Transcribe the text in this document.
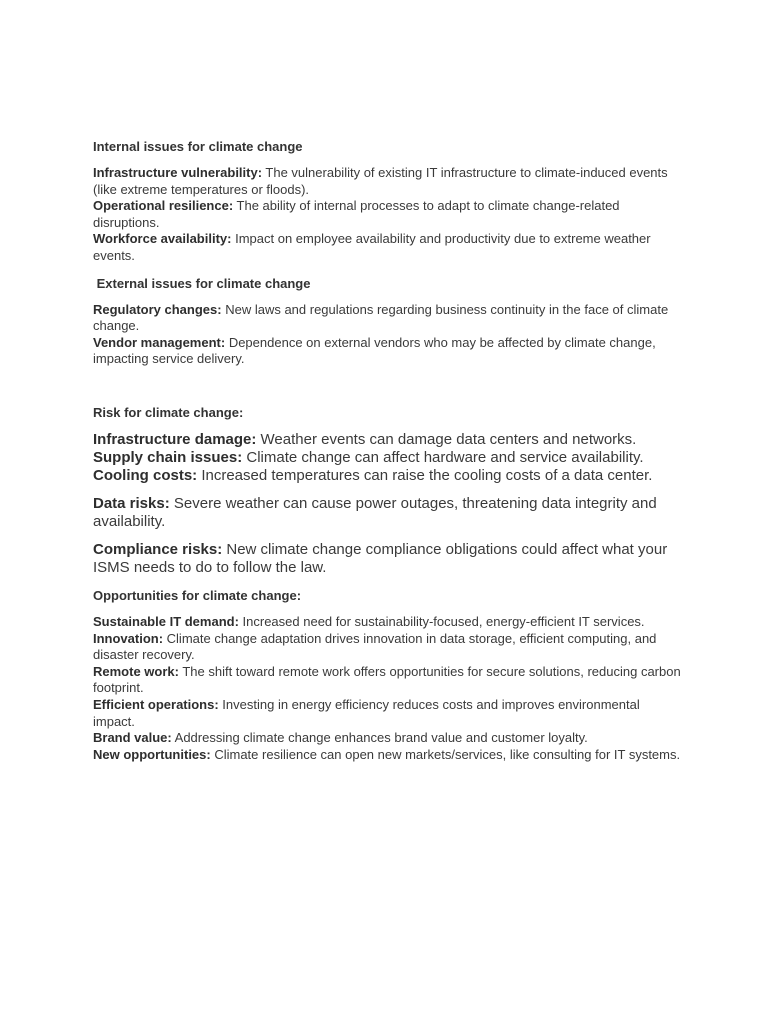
Internal issues for climate change

Infrastructure vulnerability: The vulnerability of existing IT infrastructure to climate-induced events (like extreme temperatures or floods).

Operational resilience: The ability of internal processes to adapt to climate change-related disruptions.

Workforce availability: Impact on employee availability and productivity due to extreme weather events.

External issues for climate change

Regulatory changes: New laws and regulations regarding business continuity in the face of climate change.

Vendor management: Dependence on external vendors who may be affected by climate change, impacting service delivery.

Risk for climate change:

Infrastructure damage: Weather events can damage data centers and networks.

Supply chain issues: Climate change can affect hardware and service availability.

Cooling costs: Increased temperatures can raise the cooling costs of a data center.

Data risks: Severe weather can cause power outages, threatening data integrity and availability.

Compliance risks: New climate change compliance obligations could affect what your ISMS needs to do to follow the law.

Opportunities for climate change:

Sustainable IT demand: Increased need for sustainability-focused, energy-efficient IT services.

Innovation: Climate change adaptation drives innovation in data storage, efficient computing, and disaster recovery.

Remote work: The shift toward remote work offers opportunities for secure solutions, reducing carbon footprint.

Efficient operations: Investing in energy efficiency reduces costs and improves environmental impact.

Brand value: Addressing climate change enhances brand value and customer loyalty.

New opportunities: Climate resilience can open new markets/services, like consulting for IT systems.
